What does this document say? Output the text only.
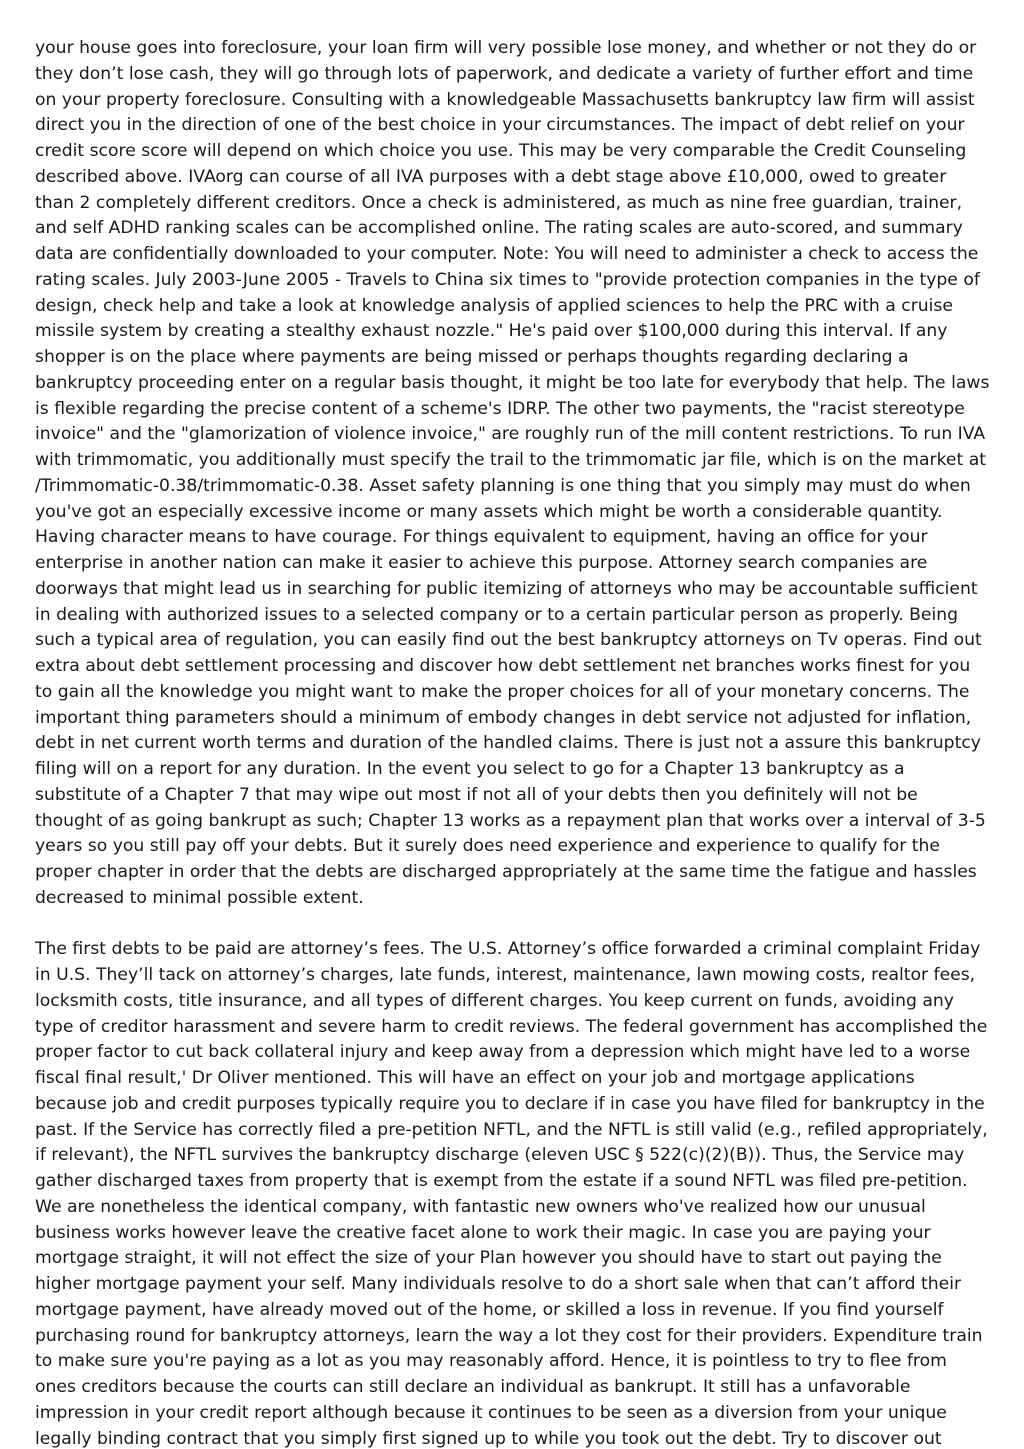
your house goes into foreclosure, your loan firm will very possible lose money, and whether or not they do or they don’t lose cash, they will go through lots of paperwork, and dedicate a variety of further effort and time on your property foreclosure. Consulting with a knowledgeable Massachusetts bankruptcy law firm will assist direct you in the direction of one of the best choice in your circumstances. The impact of debt relief on your credit score score will depend on which choice you use. This may be very comparable the Credit Counseling described above. IVAorg can course of all IVA purposes with a debt stage above £10,000, owed to greater than 2 completely different creditors. Once a check is administered, as much as nine free guardian, trainer, and self ADHD ranking scales can be accomplished online. The rating scales are auto-scored, and summary data are confidentially downloaded to your computer. Note: You will need to administer a check to access the rating scales. July 2003-June 2005 - Travels to China six times to "provide protection companies in the type of design, check help and take a look at knowledge analysis of applied sciences to help the PRC with a cruise missile system by creating a stealthy exhaust nozzle." He's paid over $100,000 during this interval. If any shopper is on the place where payments are being missed or perhaps thoughts regarding declaring a bankruptcy proceeding enter on a regular basis thought, it might be too late for everybody that help. The laws is flexible regarding the precise content of a scheme's IDRP. The other two payments, the "racist stereotype invoice" and the "glamorization of violence invoice," are roughly run of the mill content restrictions. To run IVA with trimmomatic, you additionally must specify the trail to the trimmomatic jar file, which is on the market at /Trimmomatic-0.38/trimmomatic-0.38. Asset safety planning is one thing that you simply may must do when you've got an especially excessive income or many assets which might be worth a considerable quantity. Having character means to have courage. For things equivalent to equipment, having an office for your enterprise in another nation can make it easier to achieve this purpose. Attorney search companies are doorways that might lead us in searching for public itemizing of attorneys who may be accountable sufficient in dealing with authorized issues to a selected company or to a certain particular person as properly. Being such a typical area of regulation, you can easily find out the best bankruptcy attorneys on Tv operas. Find out extra about debt settlement processing and discover how debt settlement net branches works finest for you to gain all the knowledge you might want to make the proper choices for all of your monetary concerns. The important thing parameters should a minimum of embody changes in debt service not adjusted for inflation, debt in net current worth terms and duration of the handled claims. There is just not a assure this bankruptcy filing will on a report for any duration. In the event you select to go for a Chapter 13 bankruptcy as a substitute of a Chapter 7 that may wipe out most if not all of your debts then you definitely will not be thought of as going bankrupt as such; Chapter 13 works as a repayment plan that works over a interval of 3-5 years so you still pay off your debts. But it surely does need experience and experience to qualify for the proper chapter in order that the debts are discharged appropriately at the same time the fatigue and hassles decreased to minimal possible extent.

The first debts to be paid are attorney’s fees. The U.S. Attorney’s office forwarded a criminal complaint Friday in U.S. They’ll tack on attorney’s charges, late funds, interest, maintenance, lawn mowing costs, realtor fees, locksmith costs, title insurance, and all types of different charges. You keep current on funds, avoiding any type of creditor harassment and severe harm to credit reviews. The federal government has accomplished the proper factor to cut back collateral injury and keep away from a depression which might have led to a worse fiscal final result,' Dr Oliver mentioned. This will have an effect on your job and mortgage applications because job and credit purposes typically require you to declare if in case you have filed for bankruptcy in the past. If the Service has correctly filed a pre-petition NFTL, and the NFTL is still valid (e.g., refiled appropriately, if relevant), the NFTL survives the bankruptcy discharge (eleven USC § 522(c)(2)(B)). Thus, the Service may gather discharged taxes from property that is exempt from the estate if a sound NFTL was filed pre-petition. We are nonetheless the identical company, with fantastic new owners who've realized how our unusual business works however leave the creative facet alone to work their magic. In case you are paying your mortgage straight, it will not effect the size of your Plan however you should have to start out paying the higher mortgage payment your self. Many individuals resolve to do a short sale when that can’t afford their mortgage payment, have already moved out of the home, or skilled a loss in revenue. If you find yourself purchasing round for bankruptcy attorneys, learn the way a lot they cost for their providers. Expenditure train to make sure you're paying as a lot as you may reasonably afford. Hence, it is pointless to try to flee from ones creditors because the courts can still declare an individual as bankrupt. It still has a unfavorable impression in your credit report although because it continues to be seen as a diversion from your unique legally binding contract that you simply first signed up to while you took out the debt. Try to discover out
